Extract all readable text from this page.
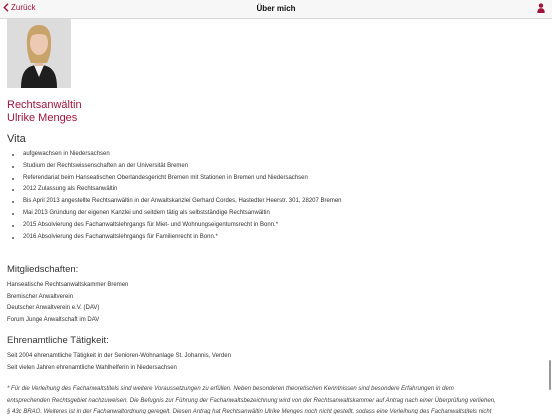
Zurück	Über mich
Rechtsanwältin
Ulrike Menges
Vita
aufgewachsen in Niedersachsen
Studium der Rechtswissenschaften an der Universität Bremen
Referendariat beim Hanseatischen Oberlandesgericht Bremen mit Stationen in Bremen und Niedersachsen
2012 Zulassung als Rechtsanwältin
Bis April 2013 angestellte Rechtsanwältin in der Anwaltskanzlei Gerhard Cordes, Hastedter Heerstr. 301, 28207 Bremen
Mai 2013 Gründung der eigenen Kanzlei und seitdem tätig als selbstständige Rechtsanwältin
2015 Absolvierung des Fachanwaltslehrgangs für Miet- und Wohnungseigentumsrecht in Bonn.*
2016 Absolvierung des Fachanwaltslehrgangs für Familienrecht in Bonn.*
Mitgliedschaften:
Hanseatische Rechtsanwaltskammer Bremen
Bremischer Anwaltverein
Deutscher Anwaltverein e.V. (DAV)
Forum Junge Anwaltschaft im DAV
Ehrenamtliche Tätigkeit:
Seit 2004 ehrenamtliche Tätigkeit in der Senioren-Wohnanlage St. Johannis, Verden
Seit vielen Jahren ehrenamtliche Wahlhelferin in Niedersachsen
* Für die Verleihung des Fachanwaltstitels sind weitere Voraussetzungen zu erfüllen. Neben besonderen theoretischen Kenntnissen sind besondere Erfahrungen in dem
entsprechenden Rechtsgebiet nachzuweisen. Die Befugnis zur Führung der Fachanwaltsbezeichnung wird von der Rechtsanwaltskammer auf Antrag nach einer Überprüfung verliehen,
§ 43c BRAO. Weiteres ist in der Fachanwaltordnung geregelt. Diesen Antrag hat Rechtsanwältin Ulrike Menges noch nicht gestellt, sodass eine Verleihung des Fachanwaltstitels nicht
